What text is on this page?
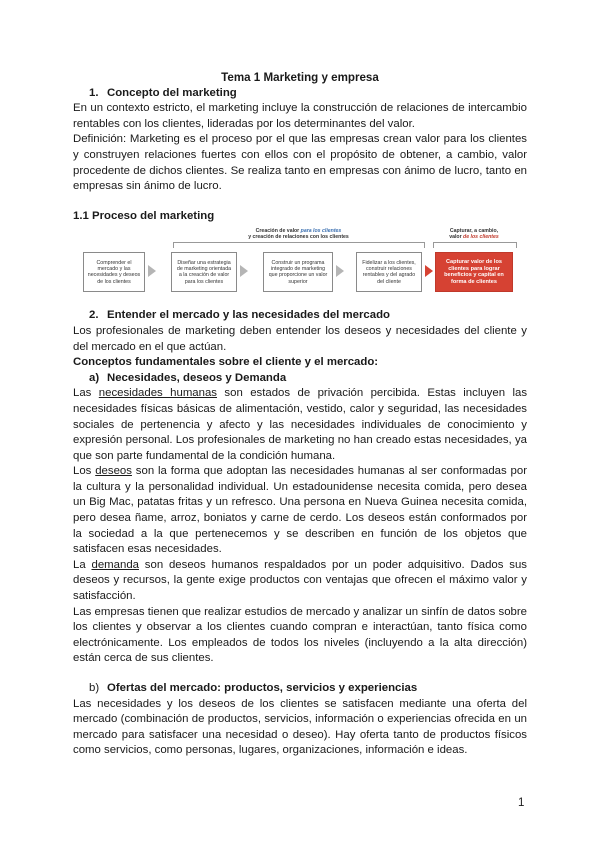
Tema 1 Marketing y empresa
1. Concepto del marketing

En un contexto estricto, el marketing incluye la construcción de relaciones de intercambio rentables con los clientes, lideradas por los determinantes del valor.

Definición: Marketing es el proceso por el que las empresas crean valor para los clientes y construyen relaciones fuertes con ellos con el propósito de obtener, a cambio, valor procedente de dichos clientes. Se realiza tanto en empresas con ánimo de lucro, tanto en empresas sin ánimo de lucro.

1.1 Proceso del marketing
Creación de valor para los clientes
y creación de relaciones con los clientes
Capturar, a cambio,
valor de los clientes
Comprender el mercado y las necesidades y deseos de los clientes
Diseñar una estrategia de marketing orientada a la creación de valor para los clientes
Construir un programa integrado de marketing que proporcione un valor superior
Fidelizar a los clientes, construir relaciones rentables y del agrado del cliente
Capturar valor de los clientes para lograr beneficios y capital en forma de clientes
2. Entender el mercado y las necesidades del mercado

Los profesionales de marketing deben entender los deseos y necesidades del cliente y del mercado en el que actúan.

Conceptos fundamentales sobre el cliente y el mercado:
a) Necesidades, deseos y Demanda

Las necesidades humanas son estados de privación percibida. Estas incluyen las necesidades físicas básicas de alimentación, vestido, calor y seguridad, las necesidades sociales de pertenencia y afecto y las necesidades individuales de conocimiento y expresión personal. Los profesionales de marketing no han creado estas necesidades, ya que son parte fundamental de la condición humana.

Los deseos son la forma que adoptan las necesidades humanas al ser conformadas por la cultura y la personalidad individual. Un estadounidense necesita comida, pero desea un Big Mac, patatas fritas y un refresco. Una persona en Nueva Guinea necesita comida, pero desea ñame, arroz, boniatos y carne de cerdo. Los deseos están conformados por la sociedad a la que pertenecemos y se describen en función de los objetos que satisfacen esas necesidades.

La demanda son deseos humanos respaldados por un poder adquisitivo. Dados sus deseos y recursos, la gente exige productos con ventajas que ofrecen el máximo valor y satisfacción.

Las empresas tienen que realizar estudios de mercado y analizar un sinfín de datos sobre los clientes y observar a los clientes cuando compran e interactúan, tanto física como electrónicamente. Los empleados de todos los niveles (incluyendo a la alta dirección) están cerca de sus clientes.

b) Ofertas del mercado: productos, servicios y experiencias

Las necesidades y los deseos de los clientes se satisfacen mediante una oferta del mercado (combinación de productos, servicios, información o experiencias ofrecida en un mercado para satisfacer una necesidad o deseo). Hay oferta tanto de productos físicos como servicios, como personas, lugares, organizaciones, información e ideas.

1
